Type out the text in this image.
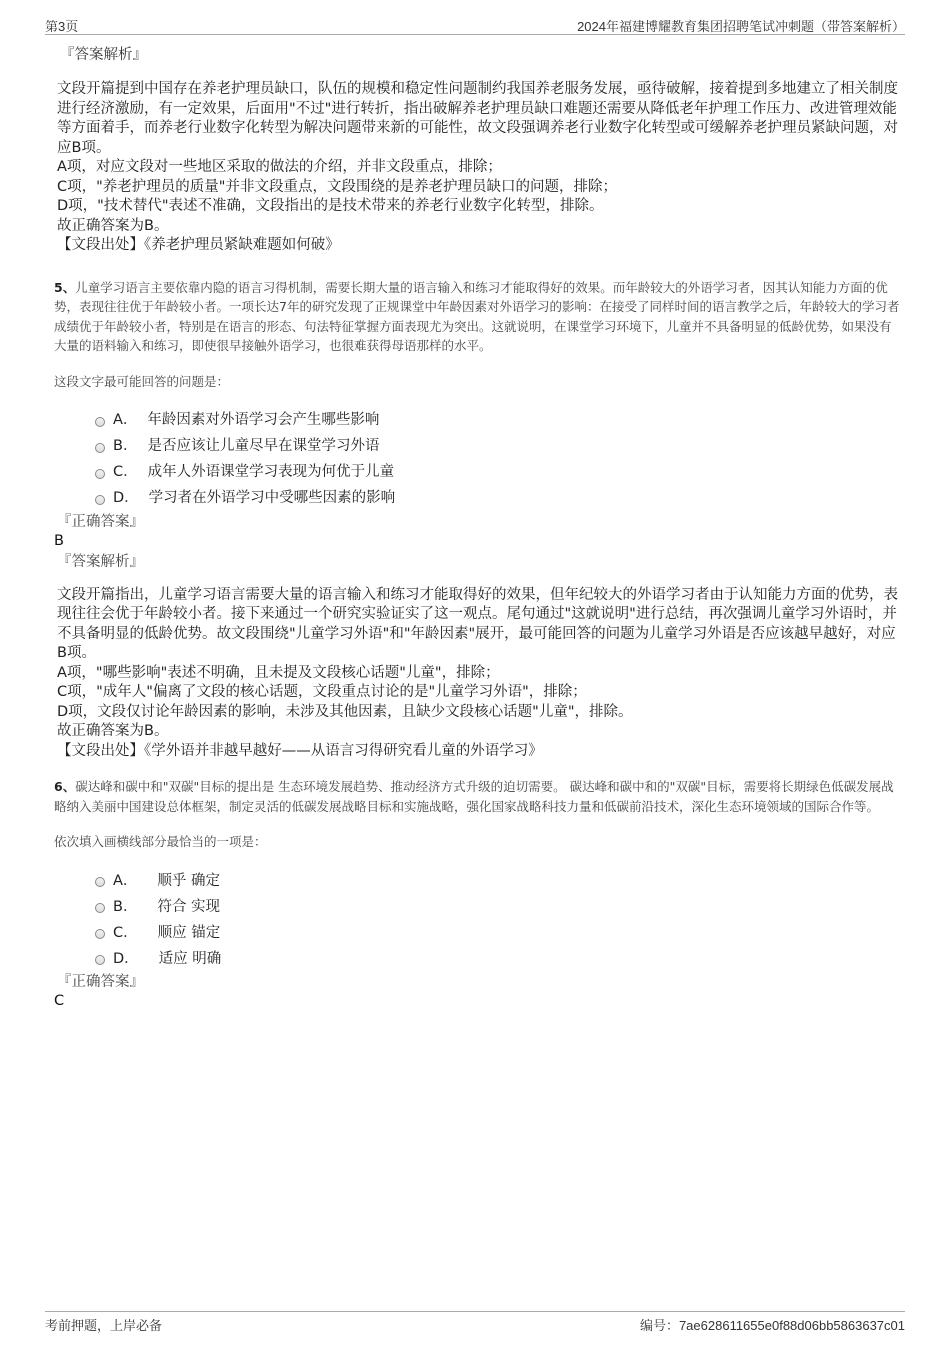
第3页	2024年福建博耀教育集团招聘笔试冲刺题（带答案解析）
『答案解析』

文段开篇提到中国存在养老护理员缺口，队伍的规模和稳定性问题制约我国养老服务发展，亟待破解，接着提到多地建立了相关制度进行经济激励，有一定效果，后面用"不过"进行转折，指出破解养老护理员缺口难题还需要从降低老年护理工作压力、改进管理效能等方面着手，而养老行业数字化转型为解决问题带来新的可能性，故文段强调养老行业数字化转型或可缓解养老护理员紧缺问题，对应B项。

A项，对应文段对一些地区采取的做法的介绍，并非文段重点，排除；

C项，"养老护理员的质量"并非文段重点，文段围绕的是养老护理员缺口的问题，排除；

D项，"技术替代"表述不准确，文段指出的是技术带来的养老行业数字化转型，排除。

故正确答案为B。

【文段出处】《养老护理员紧缺难题如何破》

5、儿童学习语言主要依靠内隐的语言习得机制，需要长期大量的语言输入和练习才能取得好的效果。而年龄较大的外语学习者，因其认知能力方面的优势，表现往往优于年龄较小者。一项长达7年的研究发现了正规课堂中年龄因素对外语学习的影响：在接受了同样时间的语言教学之后，年龄较大的学习者成绩优于年龄较小者，特别是在语言的形态、句法特征掌握方面表现尤为突出。这就说明，在课堂学习环境下，儿童并不具备明显的低龄优势，如果没有大量的语料输入和练习，即使很早接触外语学习，也很难获得母语那样的水平。

这段文字最可能回答的问题是：

A． 年龄因素对外语学习会产生哪些影响
B． 是否应该让儿童尽早在课堂学习外语
C． 成年人外语课堂学习表现为何优于儿童
D． 学习者在外语学习中受哪些因素的影响
『正确答案』
B
『答案解析』

文段开篇指出，儿童学习语言需要大量的语言输入和练习才能取得好的效果，但年纪较大的外语学习者由于认知能力方面的优势，表现往往会优于年龄较小者。接下来通过一个研究实验证实了这一观点。尾句通过"这就说明"进行总结，再次强调儿童学习外语时，并不具备明显的低龄优势。故文段围绕"儿童学习外语"和"年龄因素"展开，最可能回答的问题为儿童学习外语是否应该越早越好，对应B项。

A项，"哪些影响"表述不明确，且未提及文段核心话题"儿童"，排除；

C项，"成年人"偏离了文段的核心话题，文段重点讨论的是"儿童学习外语"，排除；

D项，文段仅讨论年龄因素的影响，未涉及其他因素，且缺少文段核心话题"儿童"，排除。

故正确答案为B。

【文段出处】《学外语并非越早越好——从语言习得研究看儿童的外语学习》

6、碳达峰和碳中和"双碳"目标的提出是 生态环境发展趋势、推动经济方式升级的迫切需要。 碳达峰和碳中和的"双碳"目标，需要将长期绿色低碳发展战略纳入美丽中国建设总体框架，制定灵活的低碳发展战略目标和实施战略，强化国家战略科技力量和低碳前沿技术，深化生态环境领域的国际合作等。

依次填入画横线部分最恰当的一项是：

A． 顺乎 确定
B． 符合 实现
C． 顺应 锚定
D． 适应 明确
『正确答案』
C
考前押题，上岸必备	编号：7ae628611655e0f88d06bb5863637c01
